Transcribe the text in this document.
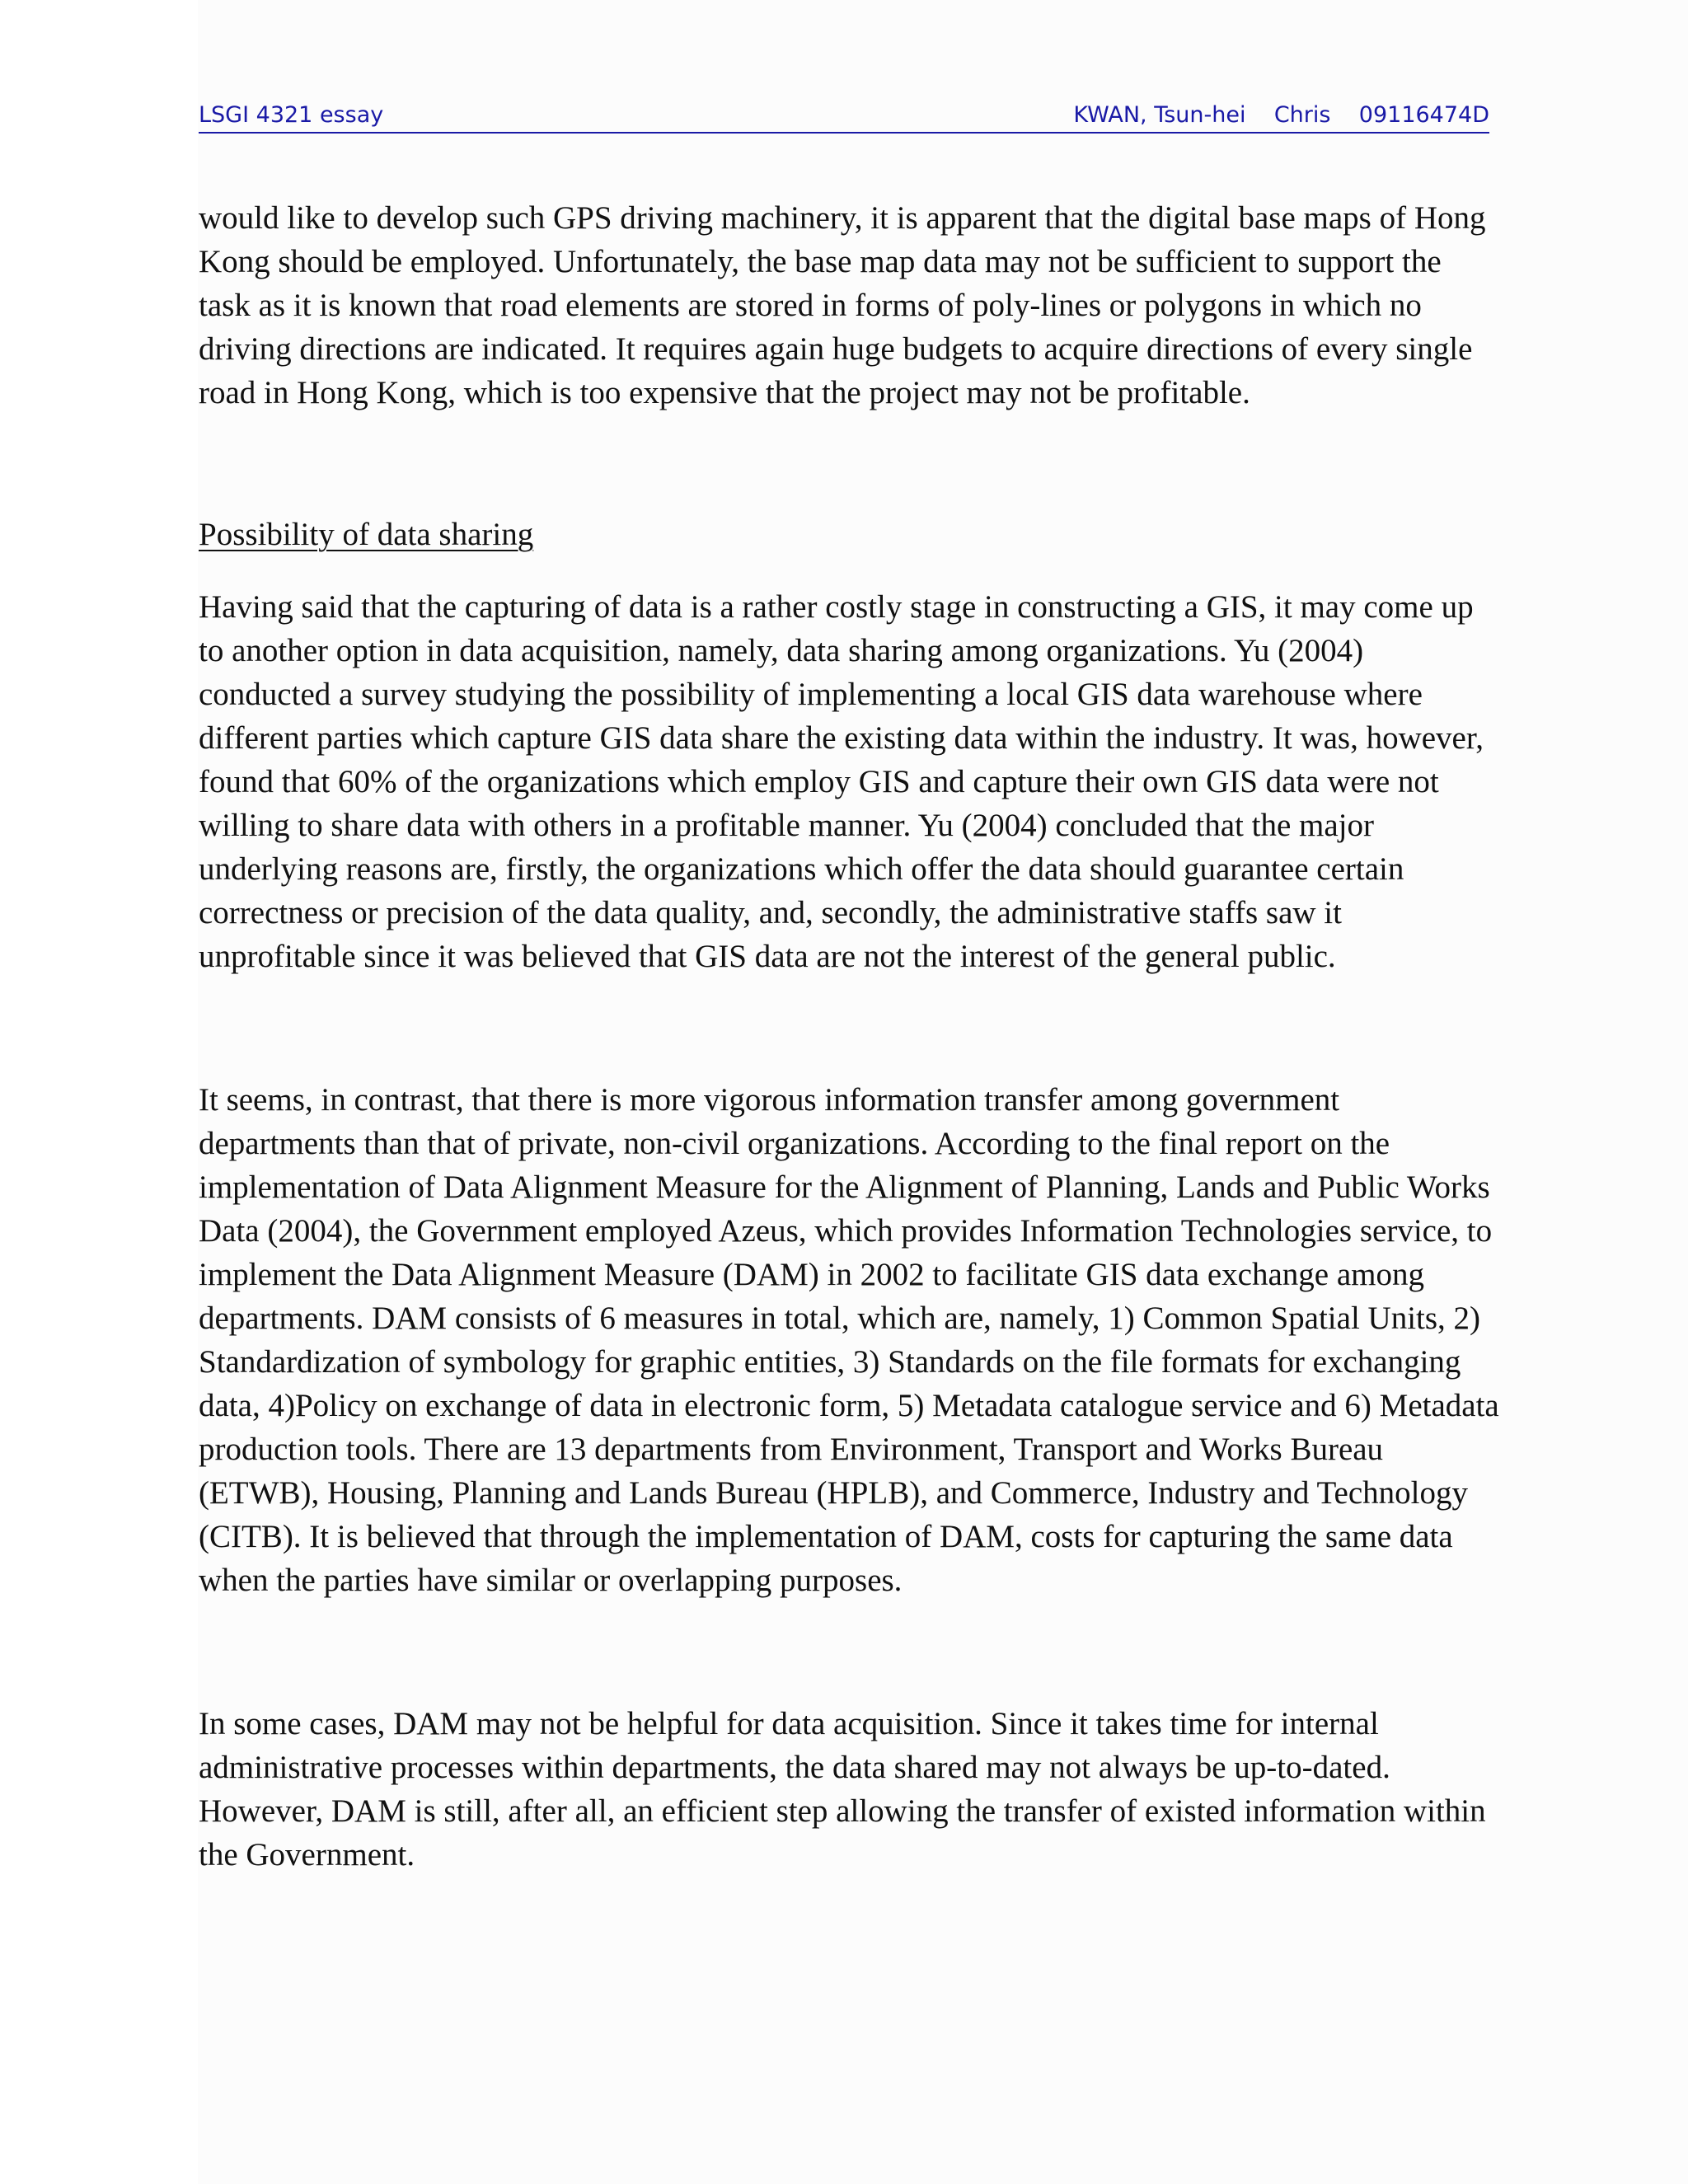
LSGI 4321 essay	KWAN, Tsun-hei    Chris    09116474D

would like to develop such GPS driving machinery, it is apparent that the digital base maps of Hong Kong should be employed. Unfortunately, the base map data may not be sufficient to support the task as it is known that road elements are stored in forms of poly-lines or polygons in which no driving directions are indicated. It requires again huge budgets to acquire directions of every single road in Hong Kong, which is too expensive that the project may not be profitable.

Possibility of data sharing

Having said that the capturing of data is a rather costly stage in constructing a GIS, it may come up to another option in data acquisition, namely, data sharing among organizations. Yu (2004) conducted a survey studying the possibility of implementing a local GIS data warehouse where different parties which capture GIS data share the existing data within the industry. It was, however, found that 60% of the organizations which employ GIS and capture their own GIS data were not willing to share data with others in a profitable manner. Yu (2004) concluded that the major underlying reasons are, firstly, the organizations which offer the data should guarantee certain correctness or precision of the data quality, and, secondly, the administrative staffs saw it unprofitable since it was believed that GIS data are not the interest of the general public.

It seems, in contrast, that there is more vigorous information transfer among government departments than that of private, non-civil organizations. According to the final report on the implementation of Data Alignment Measure for the Alignment of Planning, Lands and Public Works Data (2004), the Government employed Azeus, which provides Information Technologies service, to implement the Data Alignment Measure (DAM) in 2002 to facilitate GIS data exchange among departments. DAM consists of 6 measures in total, which are, namely, 1) Common Spatial Units, 2) Standardization of symbology for graphic entities, 3) Standards on the file formats for exchanging data, 4)Policy on exchange of data in electronic form, 5) Metadata catalogue service and 6) Metadata production tools. There are 13 departments from Environment, Transport and Works Bureau (ETWB), Housing, Planning and Lands Bureau (HPLB), and Commerce, Industry and Technology (CITB). It is believed that through the implementation of DAM, costs for capturing the same data when the parties have similar or overlapping purposes.

In some cases, DAM may not be helpful for data acquisition. Since it takes time for internal administrative processes within departments, the data shared may not always be up-to-dated. However, DAM is still, after all, an efficient step allowing the transfer of existed information within the Government.
